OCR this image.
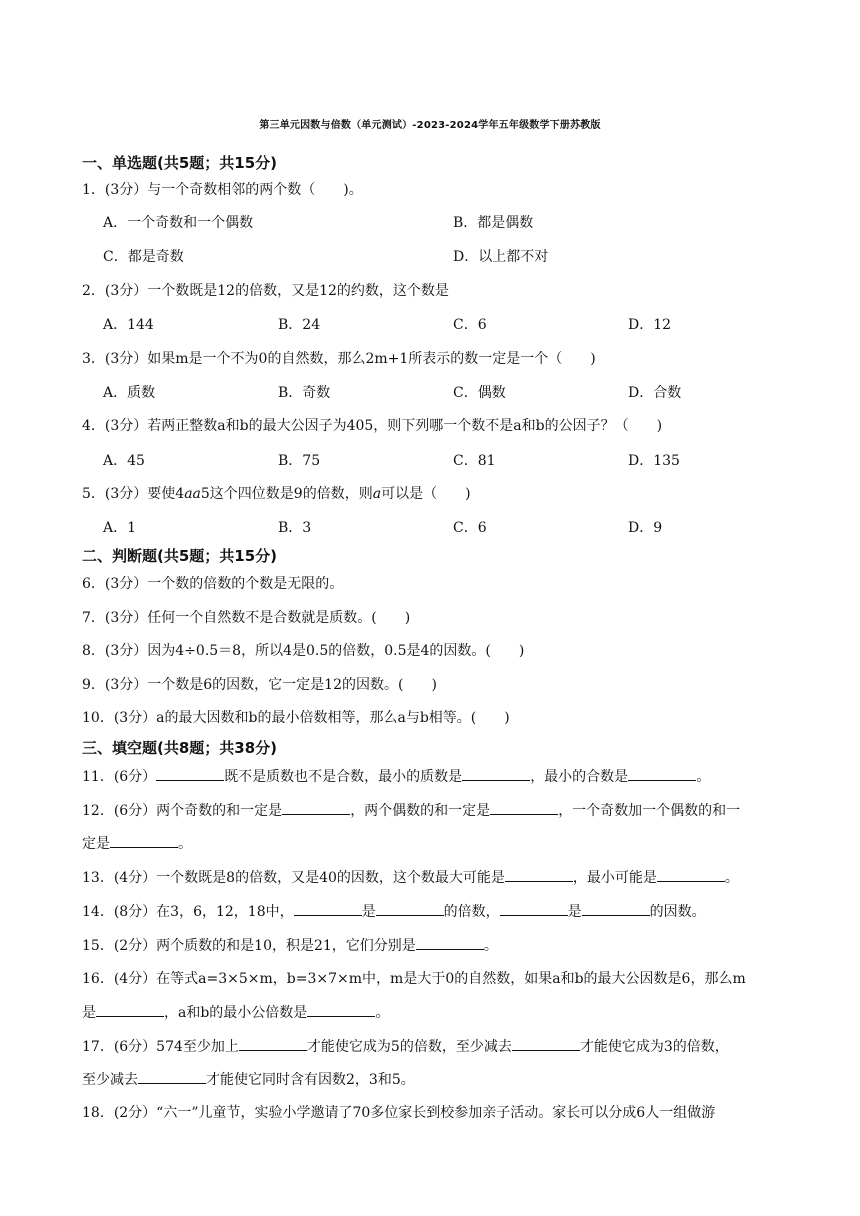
第三单元因数与倍数（单元测试）-2023-2024学年五年级数学下册苏教版
一、单选题(共5题；共15分)
1．(3分）与一个奇数相邻的两个数（　　)。
A．一个奇数和一个偶数	B．都是偶数
C．都是奇数	D．以上都不对
2．(3分）一个数既是12的倍数，又是12的约数，这个数是
A．144	B．24	C．6	D．12
3．(3分）如果m是一个不为0的自然数，那么2m+1所表示的数一定是一个（　　)
A．质数	B．奇数	C．偶数	D．合数
4．(3分）若两正整数a和b的最大公因子为405，则下列哪一个数不是a和b的公因子？（　　)
A．45	B．75	C．81	D．135
5．(3分）要使4aa5这个四位数是9的倍数，则a可以是（　　)
A．1	B．3	C．6	D．9
二、判断题(共5题；共15分)
6．(3分）一个数的倍数的个数是无限的。
7．(3分）任何一个自然数不是合数就是质数。(　　)
8．(3分）因为4÷0.5＝8，所以4是0.5的倍数，0.5是4的因数。(　　)
9．(3分）一个数是6的因数，它一定是12的因数。(　　)
10．(3分）a的最大因数和b的最小倍数相等，那么a与b相等。(　　)
三、填空题(共8题；共38分)
11．(6分）	既不是质数也不是合数，最小的质数是	，最小的合数是	。
12．(6分）两个奇数的和一定是	，两个偶数的和一定是	，一个奇数加一个偶数的和一
定是	。
13．(4分）一个数既是8的倍数，又是40的因数，这个数最大可能是	，最小可能是	。
14．(8分）在3，6，12，18中，	是	的倍数，	是	的因数。
15．(2分）两个质数的和是10，积是21，它们分别是	。
16．(4分）在等式a=3×5×m，b=3×7×m中，m是大于0的自然数，如果a和b的最大公因数是6，那么m
是	，a和b的最小公倍数是	。
17．(6分）574至少加上	才能使它成为5的倍数，至少减去	才能使它成为3的倍数，
至少减去	才能使它同时含有因数2，3和5。
18．(2分）“六一”儿童节，实验小学邀请了70多位家长到校参加亲子活动。家长可以分成6人一组做游
